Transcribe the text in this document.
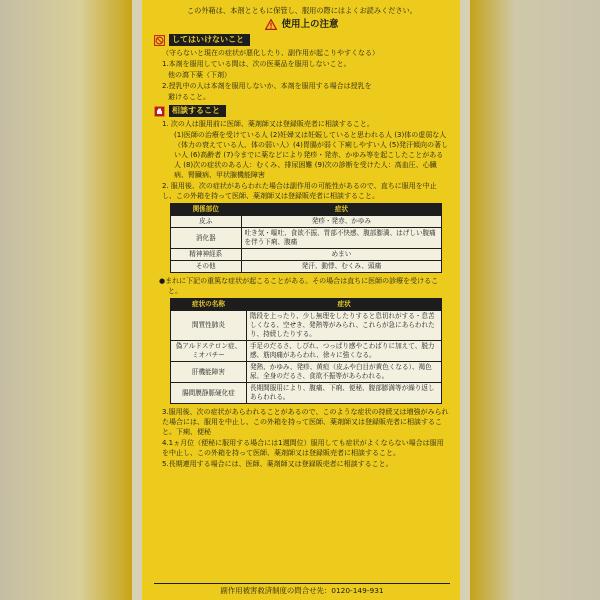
この外箱は、本剤とともに保管し、服用の際にはよくお読みください。
使用上の注意
してはいけないこと
（守らないと現在の症状が悪化したり、副作用が起こりやすくなる）
1.本剤を服用している間は、次の医薬品を服用しないこと。
他の瀉下薬（下剤）
2.授乳中の人は本剤を服用しないか、本剤を服用する場合は授乳を
避けること。
相談すること
1. 次の人は服用前に医師、薬剤師又は登録販売者に相談すること。
(1)医師の治療を受けている人 (2)妊婦又は妊娠していると思われる人 (3)体の虚弱な人（体力の衰えている人、体の弱い人）(4)胃腸が弱く下痢しやすい人 (5)発汗傾向の著しい人 (6)高齢者 (7)今までに薬などにより発疹・発赤、かゆみ等を起こしたことがある人 (8)次の症状のある人：むくみ、排尿困難 (9)次の診断を受けた人：高血圧、心臓病、腎臓病、甲状腺機能障害
2. 服用後、次の症状があらわれた場合は副作用の可能性があるので、直ちに服用を中止し、この外箱を持って医師、薬剤師又は登録販売者に相談すること。
関係部位	症状
皮ふ	発疹・発赤、かゆみ
消化器	吐き気・嘔吐、食欲不振、胃部不快感、腹部膨満、はげしい腹痛を伴う下痢、腹痛
精神神経系	めまい
その他	発汗、動悸、むくみ、頭痛
●まれに下記の重篤な症状が起こることがある。その場合は直ちに医師の診療を受けること。
症状の名称	症状
間質性肺炎	階段を上ったり、少し無理をしたりすると息切れがする・息苦しくなる、空せき、発熱等がみられ、これらが急にあらわれたり、持続したりする。
偽アルドステロン症、ミオパチー	手足のだるさ、しびれ、つっぱり感やこわばりに加えて、脱力感、筋肉痛があらわれ、徐々に強くなる。
肝機能障害	発熱、かゆみ、発疹、黄疸（皮ふや白目が黄色くなる）、褐色尿、全身のだるさ、食欲不振等があらわれる。
腸間膜静脈硬化症	長期間服用により、腹痛、下痢、便秘、腹部膨満等が繰り返しあらわれる。
3.服用後、次の症状があらわれることがあるので、このような症状の持続又は増強がみられた場合には、服用を中止し、この外箱を持って医師、薬剤師又は登録販売者に相談すること。下痢、便秘
4.1ヵ月位（便秘に服用する場合には1週間位）服用しても症状がよくならない場合は服用を中止し、この外箱を持って医師、薬剤師又は登録販売者に相談すること。
5.長期連用する場合には、医師、薬剤師又は登録販売者に相談すること。
副作用被害救済制度の問合せ先：0120-149-931
